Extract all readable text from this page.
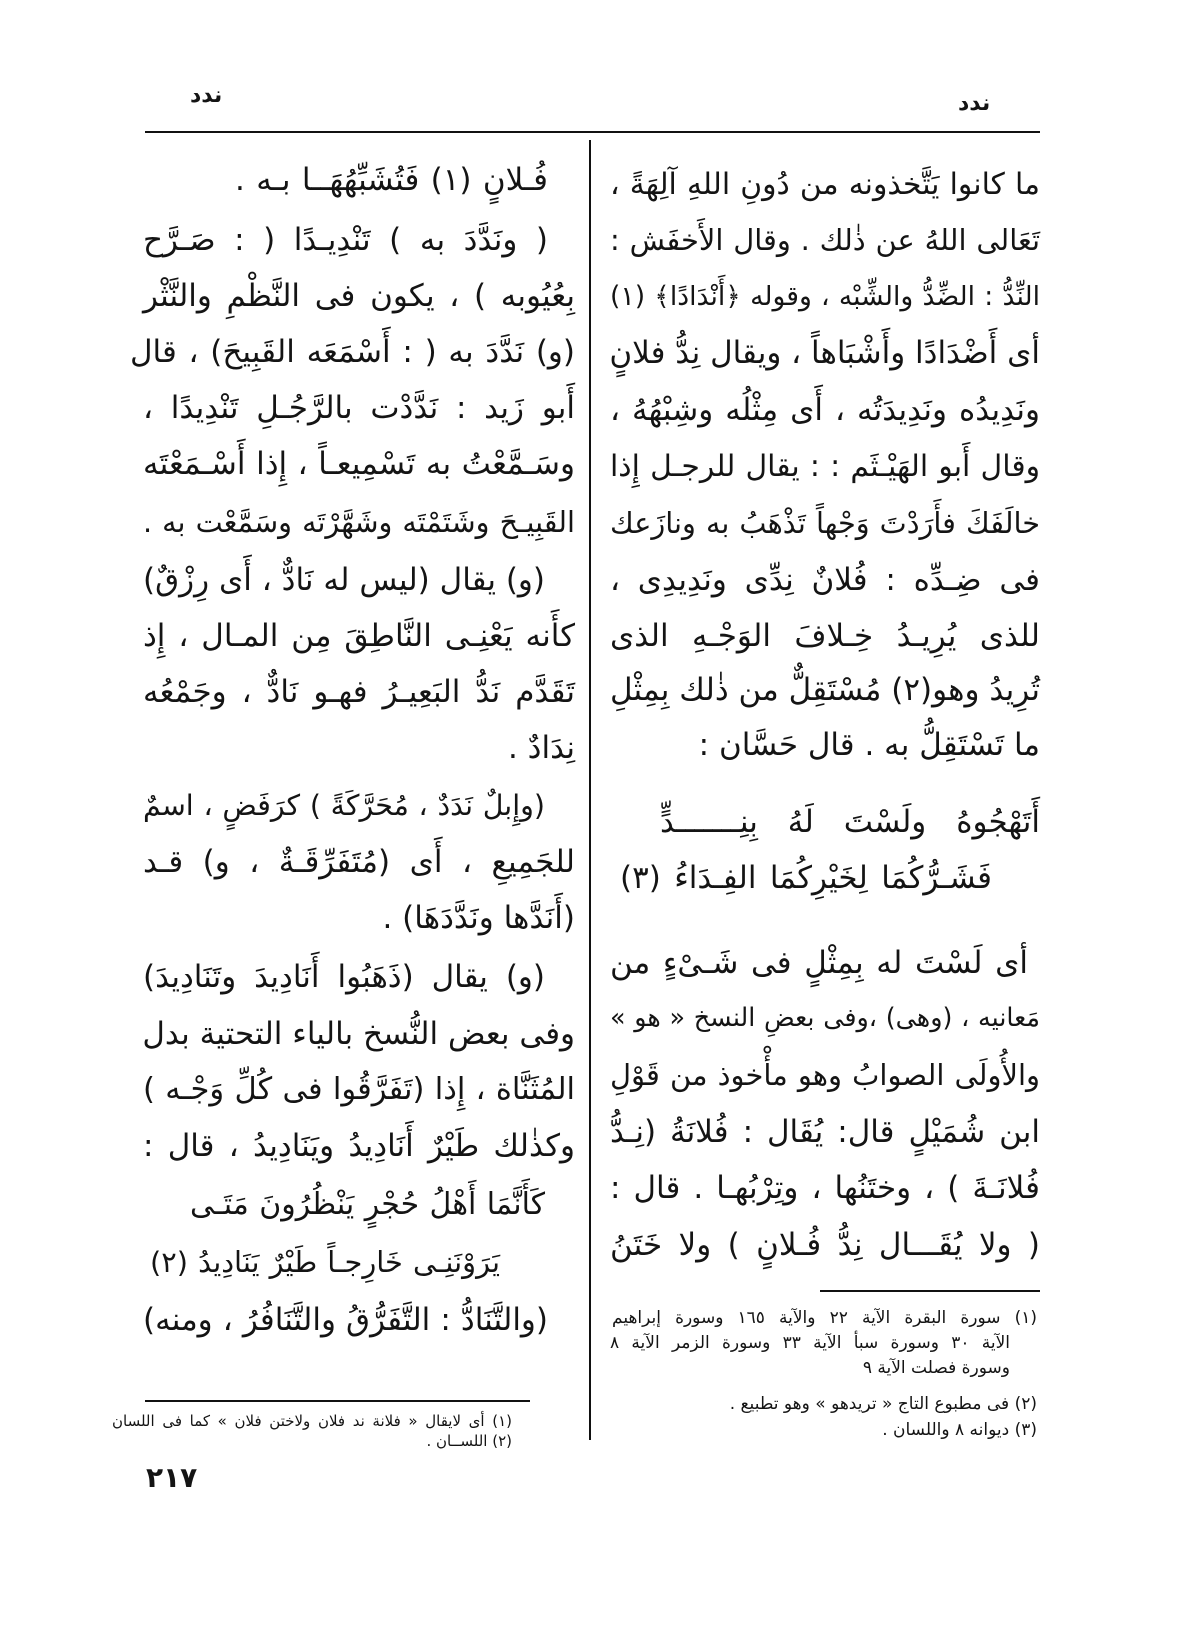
ندد	ندد
ما كانوا يَتَّخذونه من دُونِ اللهِ آلِهَةً ،
تَعَالى اللهُ عن ذٰلك . وقال الأَخفَش :
النِّدُّ : الضِّدُّ والشِّبْه ، وقوله ﴿أَنْدَادًا﴾ (١)
أى أَضْدَادًا وأَشْبَاهاً ، ويقال نِدُّ فلانٍ
ونَدِيدُه ونَدِيدَتُه ، أَى مِثْلُه وشِبْهُهُ ،
وقال أَبو الهَيْـثَم : : يقال للرجـل إِذا
خالَفَكَ فأَرَدْتَ وَجْهاً تَذْهَبُ به ونازَعك
فى ضِـدِّه : فُلانٌ نِدِّى ونَدِيدِى ،
للذى يُرِيـدُ خِـلافَ الوَجْـهِ الذى
تُرِيدُ وهو(٢) مُسْتَقِلٌّ من ذٰلك بِمِثْلِ
ما تَسْتَقِلُّ به . قال حَسَّان :
أَتَهْجُوهُ ولَسْتَ لَهُ بِنِـــــــدٍّ
فَشَـرُّكُمَا لِخَيْرِكُمَا الفِـدَاءُ (٣)
أى لَسْتَ له بِمِثْلٍ فى شَـىْءٍ من
مَعانيه ، (وهى) ،وفى بعضِ النسخ « هو »
والأُولَى الصوابُ وهو مأْخوذ من قَوْلِ
ابن شُمَيْلٍ قال: يُقَال : فُلانَةُ (نِـدُّ
فُلانَـةَ ) ، وختَنُها ، وتِرْبُهـا . قال :
( ولا يُقَـــال نِدُّ فُـلانٍ ) ولا خَتَنُ
(١) سورة البقرة الآية ٢٢ والآية ١٦٥ وسورة إبراهيم
الآية ٣٠ وسورة سبأ الآية ٣٣ وسورة الزمر الآية ٨
وسورة فصلت الآية ٩
(٢) فى مطبوع التاج « تريدهو » وهو تطبيع .
(٣) ديوانه ٨ واللسان .
فُـلانٍ (١) فَتُشَبِّهُهَــا بـه .
( ونَدَّدَ به ) تَنْدِيـدًا ( : صَـرَّح
بِعُيُوبه ) ، يكون فى النَّظْمِ والنَّثْر
(و) نَدَّدَ به ( : أَسْمَعَه القَبِيحَ) ، قال
أَبو زَيد : نَدَّدْت بالرَّجُـلِ تَنْدِيدًا ،
وسَـمَّعْتُ به تَسْمِيعـاً ، إِذا أَسْـمَعْتَه
القَبِيـحَ وشَتَمْتَه وشَهَّرْتَه وسَمَّعْت به .
(و) يقال (ليس له نَادٌّ ، أَى رِزْقٌ)
كأَنه يَعْنِـى النَّاطِقَ مِن المـال ، إِذ
تَقَدَّم نَدُّ البَعِيـرُ فهـو نَادٌّ ، وجَمْعُه
نِدَادٌ .
(وإِبلٌ نَدَدٌ ، مُحَرَّكَةً ) كرَفَضٍ ، اسمٌ
للجَمِيعِ ، أَى (مُتَفَرِّقَـةٌ ، و) قـد
(أَنَدَّها ونَدَّدَهَا) .
(و) يقال (ذَهَبُوا أَنَادِيدَ وتَنَادِيدَ)
وفى بعض النُّسخ بالياء التحتية بدل
المُثَنَّاة ، إِذا (تَفَرَّقُوا فى كُلِّ وَجْـه )
وكذٰلك طَيْرٌ أَنَادِيدُ ويَنَادِيدُ ، قال :
كَأَنَّمَا أَهْلُ حُجْرٍ يَنْظُرُونَ مَتَـى
يَرَوْنَنِـى خَارِجـاً طَيْرٌ يَنَادِيدُ (٢)
(والتَّنَادُّ : التَّفَرُّقُ والتَّنَافُرُ ، ومنه)
(١) أى لايقال « فلانة ند فلان ولاختن فلان » كما فى اللسان
(٢) اللســان .
٢١٧
